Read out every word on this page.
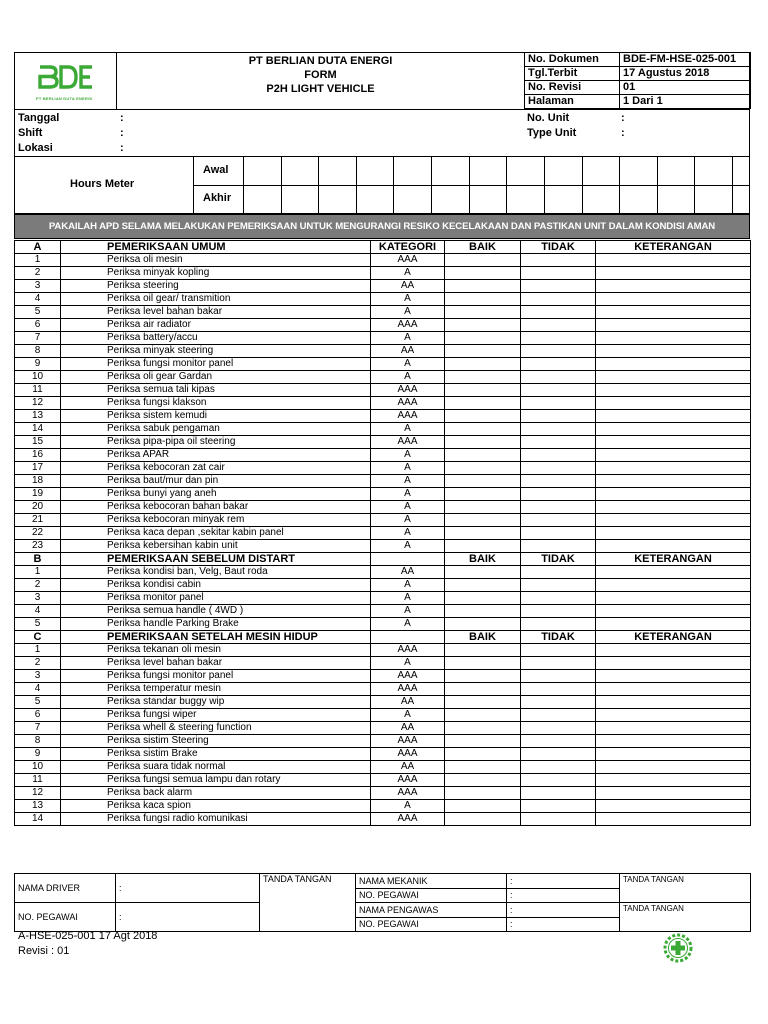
PT BERLIAN DUTA ENERGI
PT BERLIAN DUTA ENERGI
FORM
P2H LIGHT VEHICLE
No. Dokumen	BDE-FM-HSE-025-001
Tgl.Terbit	17 Agustus 2018
No. Revisi	01
Halaman	1 Dari 1
Tanggal	:
Shift	:
Lokasi	:
No. Unit	:
Type Unit	:
Hours Meter
Awal
Akhir
PAKAILAH APD SELAMA MELAKUKAN PEMERIKSAAN UNTUK MENGURANGI RESIKO KECELAKAAN DAN PASTIKAN UNIT DALAM KONDISI AMAN
A	PEMERIKSAAN UMUM	KATEGORI	BAIK	TIDAK	KETERANGAN
1	Periksa oli mesin	AAA			
2	Periksa minyak kopling	A			
3	Periksa steering	AA			
4	Periksa oil gear/ transmition	A			
5	Periksa level bahan bakar	A			
6	Periksa air radiator	AAA			
7	Periksa battery/accu	A			
8	Periksa minyak steering	AA			
9	Periksa fungsi monitor panel	A			
10	Periksa oli gear Gardan	A			
11	Periksa semua tali kipas	AAA			
12	Periksa fungsi klakson	AAA			
13	Periksa sistem kemudi	AAA			
14	Periksa sabuk pengaman	A			
15	Periksa pipa-pipa oil steering	AAA			
16	Periksa APAR	A			
17	Periksa kebocoran zat cair	A			
18	Periksa baut/mur dan pin	A			
19	Periksa bunyi yang aneh	A			
20	Periksa kebocoran bahan bakar	A			
21	Periksa kebocoran minyak rem	A			
22	Periksa kaca depan ,sekitar kabin panel	A			
23	Periksa kebersihan kabin unit	A			
B	PEMERIKSAAN SEBELUM DISTART		BAIK	TIDAK	KETERANGAN
1	Periksa kondisi ban, Velg, Baut roda	AA			
2	Periksa kondisi cabin	A			
3	Periksa monitor panel	A			
4	Periksa semua handle ( 4WD )	A			
5	Periksa handle Parking Brake	A			
C	PEMERIKSAAN SETELAH MESIN HIDUP		BAIK	TIDAK	KETERANGAN
1	Periksa tekanan oli mesin	AAA			
2	Periksa level bahan bakar	A			
3	Periksa fungsi monitor panel	AAA			
4	Periksa temperatur mesin	AAA			
5	Periksa standar buggy wip	AA			
6	Periksa fungsi wiper	A			
7	Periksa whell & steering function	AA			
8	Periksa sistim Steering	AAA			
9	Periksa sistim Brake	AAA			
10	Periksa suara tidak normal	AA			
11	Periksa fungsi semua lampu dan rotary	AAA			
12	Periksa back alarm	AAA			
13	Periksa kaca spion	A			
14	Periksa fungsi radio komunikasi	AAA			
NAMA DRIVER	:	TANDA TANGAN	NAMA MEKANIK	:	TANDA TANGAN
			NO. PEGAWAI	:	
NO. PEGAWAI	:		NAMA PENGAWAS	:	TANDA TANGAN
			NO. PEGAWAI	:	
A-HSE-025-001 17 Agt 2018
Revisi : 01
